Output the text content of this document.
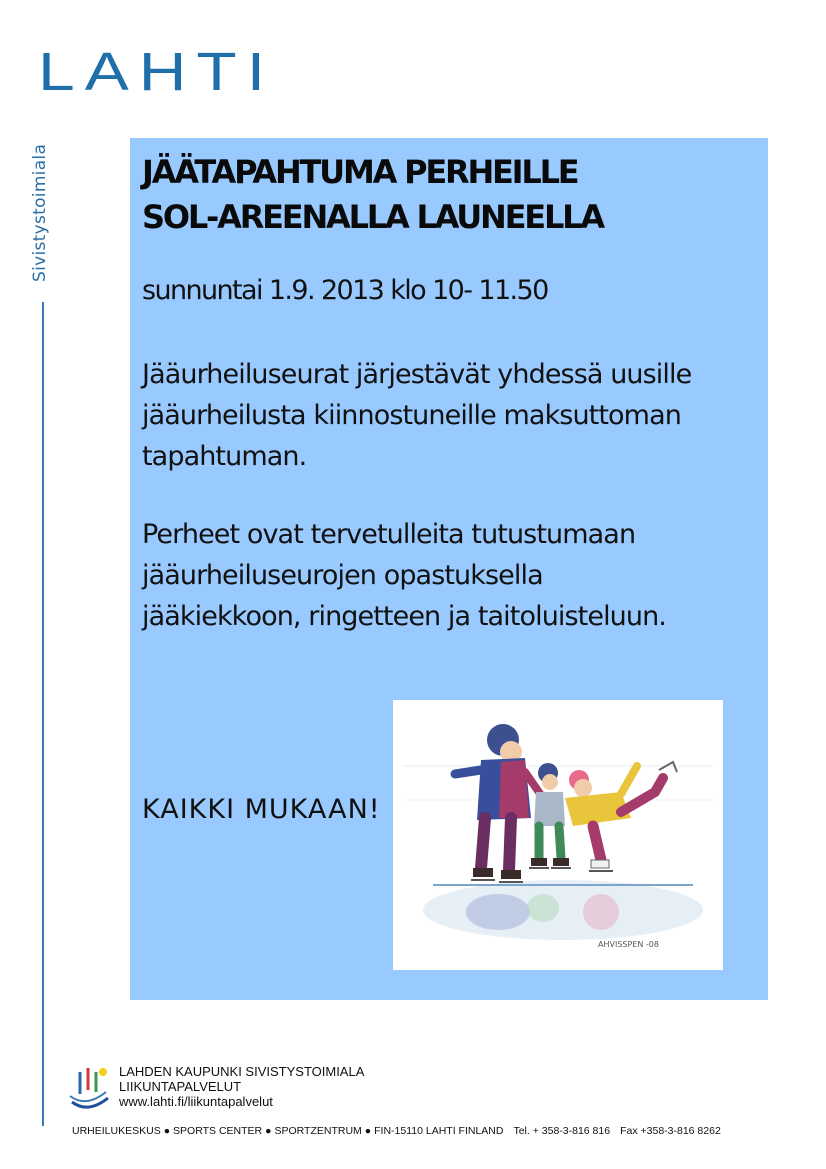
LAHTI
Sivistystoimiala	JÄÄTAPAHTUMA PERHEILLE
SOL-AREENALLA LAUNEELLA
sunnuntai 1.9. 2013 klo 10- 11.50
Jääurheiluseurat järjestävät yhdessä uusille
jääurheilusta kiinnostuneille maksuttoman
tapahtuman.
Perheet ovat tervetulleita tutustumaan
jääurheiluseurojen opastuksella
jääkiekkoon, ringetteen ja taitoluisteluun.
KAIKKI MUKAAN!
AHVISSPEN -08
LAHDEN KAUPUNKI SIVISTYSTOIMIALA
LIIKUNTAPALVELUT
www.lahti.fi/liikuntapalvelut
URHEILUKESKUS ● SPORTS CENTER ● SPORTZENTRUM ● FIN-15110 LAHTI FINLAND Tel. + 358-3-816 816 Fax +358-3-816 8262
